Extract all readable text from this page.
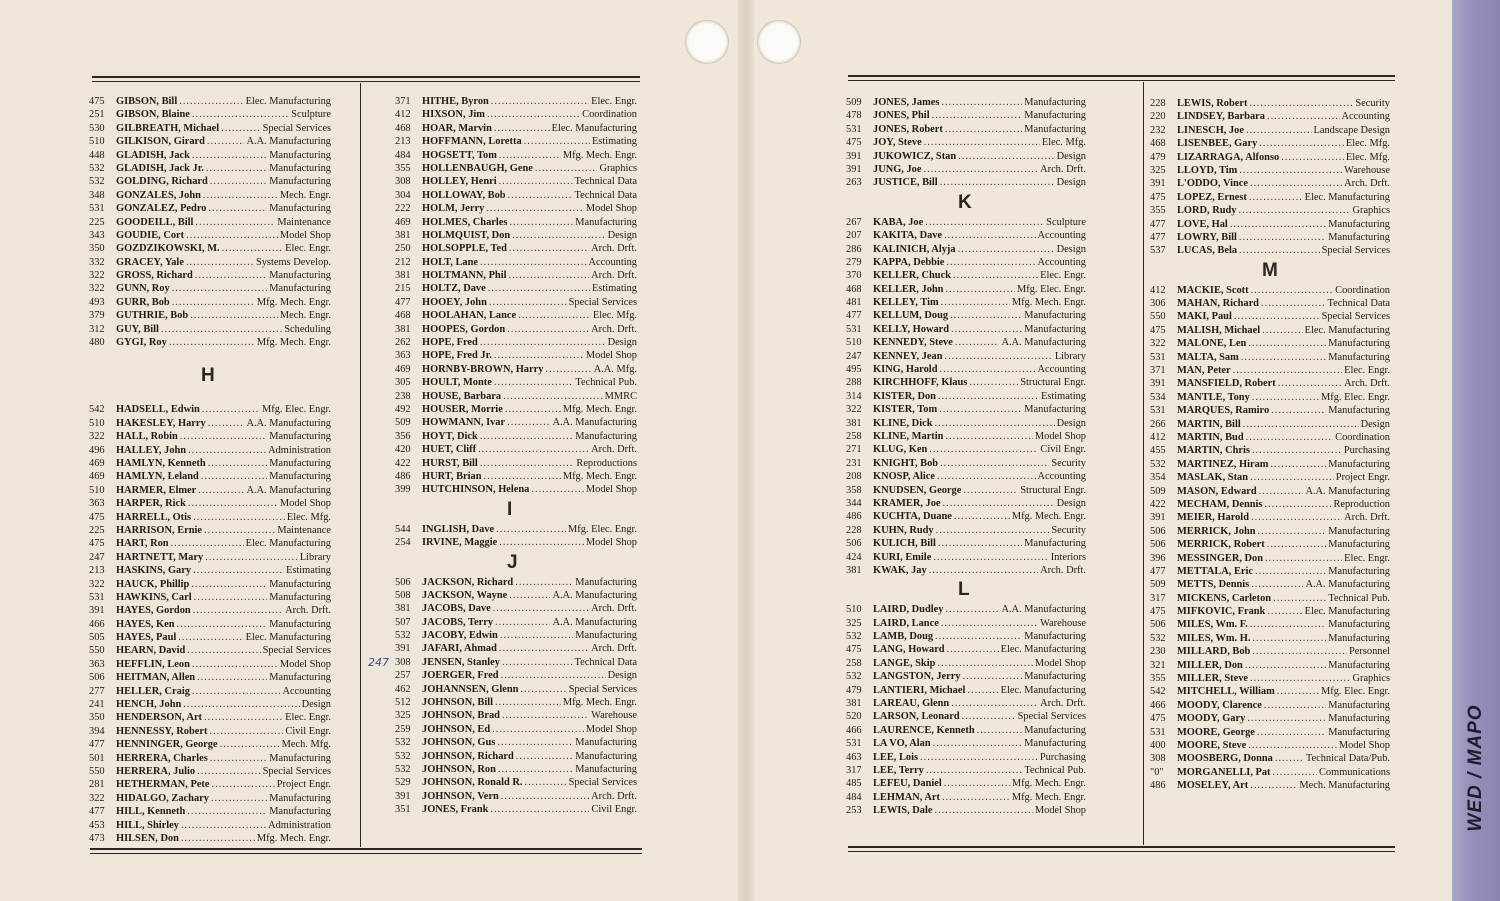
WED / MAPO
475	GIBSON, Bill .....	Elec. Manufacturing
251	GIBSON, Blaine .....	Sculpture
530	GILBREATH, Michael .....	Special Services
510	GILKISON, Girard .....	A.A. Manufacturing
448	GLADISH, Jack .....	Manufacturing
532	GLADISH, Jack Jr. .....	Manufacturing
532	GOLDING, Richard .....	Manufacturing
348	GONZALES, John .....	Mech. Engr.
531	GONZALEZ, Pedro .....	Manufacturing
225	GOODEILL, Bill .....	Maintenance
343	GOUDIE, Cort .....	Model Shop
350	GOZDZIKOWSKI, M. .....	Elec. Engr.
332	GRACEY, Yale .....	Systems Develop.
322	GROSS, Richard .....	Manufacturing
322	GUNN, Roy .....	Manufacturing
493	GURR, Bob .....	Mfg. Mech. Engr.
379	GUTHRIE, Bob .....	Mech. Engr.
312	GUY, Bill .....	Scheduling
480	GYGI, Roy .....	Mfg. Mech. Engr.
H
542	HADSELL, Edwin .....	Mfg. Elec. Engr.
510	HAKESLEY, Harry .....	A.A. Manufacturing
322	HALL, Robin .....	Manufacturing
496	HALLEY, John .....	Administration
469	HAMLYN, Kenneth .....	Manufacturing
469	HAMLYN, Leland .....	Manufacturing
510	HARMER, Elmer .....	A.A. Manufacturing
363	HARPER, Rick .....	Model Shop
475	HARRELL, Otis .....	Elec. Mfg.
225	HARRISON, Ernie .....	Maintenance
475	HART, Ron .....	Elec. Manufacturing
247	HARTNETT, Mary .....	Library
213	HASKINS, Gary .....	Estimating
322	HAUCK, Phillip .....	Manufacturing
531	HAWKINS, Carl .....	Manufacturing
391	HAYES, Gordon .....	Arch. Drft.
466	HAYES, Ken .....	Manufacturing
505	HAYES, Paul .....	Elec. Manufacturing
550	HEARN, David .....	Special Services
363	HEFFLIN, Leon .....	Model Shop
506	HEITMAN, Allen .....	Manufacturing
277	HELLER, Craig .....	Accounting
241	HENCH, John .....	Design
350	HENDERSON, Art .....	Elec. Engr.
394	HENNESSY, Robert .....	Civil Engr.
477	HENNINGER, George .....	Mech. Mfg.
501	HERRERA, Charles .....	Manufacturing
550	HERRERA, Julio .....	Special Services
281	HETHERMAN, Pete .....	Project Engr.
322	HIDALGO, Zachary .....	Manufacturing
477	HILL, Kenneth .....	Manufacturing
453	HILL, Shirley .....	Administration
473	HILSEN, Don .....	Mfg. Mech. Engr.
371	HITHE, Byron .....	Elec. Engr.
412	HIXSON, Jim .....	Coordination
468	HOAR, Marvin .....	Elec. Manufacturing
213	HOFFMANN, Loretta .....	Estimating
484	HOGSETT, Tom .....	Mfg. Mech. Engr.
355	HOLLENBAUGH, Gene .....	Graphics
308	HOLLEY, Henri .....	Technical Data
304	HOLLOWAY, Bob .....	Technical Data
222	HOLM, Jerry .....	Model Shop
469	HOLMES, Charles .....	Manufacturing
381	HOLMQUIST, Don .....	Design
250	HOLSOPPLE, Ted .....	Arch. Drft.
212	HOLT, Lane .....	Accounting
381	HOLTMANN, Phil .....	Arch. Drft.
215	HOLTZ, Dave .....	Estimating
477	HOOEY, John .....	Special Services
468	HOOLAHAN, Lance .....	Elec. Mfg.
381	HOOPES, Gordon .....	Arch. Drft.
262	HOPE, Fred .....	Design
363	HOPE, Fred Jr. .....	Model Shop
469	HORNBY-BROWN, Harry .....	A.A. Mfg.
305	HOULT, Monte .....	Technical Pub.
238	HOUSE, Barbara .....	MMRC
492	HOUSER, Morrie .....	Mfg. Mech. Engr.
509	HOWMANN, Ivar .....	A.A. Manufacturing
356	HOYT, Dick .....	Manufacturing
420	HUET, Cliff .....	Arch. Drft.
422	HURST, Bill .....	Reproductions
486	HURT, Brian .....	Mfg. Mech. Engr.
399	HUTCHINSON, Helena .....	Model Shop
I
544	INGLISH, Dave .....	Mfg. Elec. Engr.
254	IRVINE, Maggie .....	Model Shop
J
506	JACKSON, Richard .....	Manufacturing
508	JACKSON, Wayne .....	A.A. Manufacturing
381	JACOBS, Dave .....	Arch. Drft.
507	JACOBS, Terry .....	A.A. Manufacturing
532	JACOBY, Edwin .....	Manufacturing
391	JAFARI, Ahmad .....	Arch. Drft.
308	JENSEN, Stanley .....	Technical Data
257	JOERGER, Fred .....	Design
462	JOHANNSEN, Glenn .....	Special Services
512	JOHNSON, Bill .....	Mfg. Mech. Engr.
325	JOHNSON, Brad .....	Warehouse
259	JOHNSON, Ed .....	Model Shop
532	JOHNSON, Gus .....	Manufacturing
532	JOHNSON, Richard .....	Manufacturing
532	JOHNSON, Ron .....	Manufacturing
529	JOHNSON, Ronald R. .....	Special Services
391	JOHNSON, Vern .....	Arch. Drft.
351	JONES, Frank .....	Civil Engr.
509	JONES, James .....	Manufacturing
478	JONES, Phil .....	Manufacturing
531	JONES, Robert .....	Manufacturing
475	JOY, Steve .....	Elec. Mfg.
391	JUKOWICZ, Stan .....	Design
391	JUNG, Joe .....	Arch. Drft.
263	JUSTICE, Bill .....	Design
K
267	KABA, Joe .....	Sculpture
207	KAKITA, Dave .....	Accounting
286	KALINICH, Alyja .....	Design
279	KAPPA, Debbie .....	Accounting
370	KELLER, Chuck .....	Elec. Engr.
468	KELLER, John .....	Mfg. Elec. Engr.
481	KELLEY, Tim .....	Mfg. Mech. Engr.
477	KELLUM, Doug .....	Manufacturing
531	KELLY, Howard .....	Manufacturing
510	KENNEDY, Steve .....	A.A. Manufacturing
247	KENNEY, Jean .....	Library
495	KING, Harold .....	Accounting
288	KIRCHHOFF, Klaus .....	Structural Engr.
314	KISTER, Don .....	Estimating
322	KISTER, Tom .....	Manufacturing
381	KLINE, Dick .....	Design
258	KLINE, Martin .....	Model Shop
271	KLUG, Ken .....	Civil Engr.
231	KNIGHT, Bob .....	Security
208	KNOSP, Alice .....	Accounting
358	KNUDSEN, George .....	Structural Engr.
344	KRAMER, Joe .....	Design
486	KUCHTA, Duane .....	Mfg. Mech. Engr.
228	KUHN, Rudy .....	Security
506	KULICH, Bill .....	Manufacturing
424	KURI, Emile .....	Interiors
381	KWAK, Jay .....	Arch. Drft.
L
510	LAIRD, Dudley .....	A.A. Manufacturing
325	LAIRD, Lance .....	Warehouse
532	LAMB, Doug .....	Manufacturing
475	LANG, Howard .....	Elec. Manufacturing
258	LANGE, Skip .....	Model Shop
532	LANGSTON, Jerry .....	Manufacturing
479	LANTIERI, Michael .....	Elec. Manufacturing
381	LAREAU, Glenn .....	Arch. Drft.
520	LARSON, Leonard .....	Special Services
466	LAURENCE, Kenneth .....	Manufacturing
531	LA VO, Alan .....	Manufacturing
463	LEE, Lois .....	Purchasing
317	LEE, Terry .....	Technical Pub.
485	LEFEU, Daniel .....	Mfg. Mech. Engr.
484	LEHMAN, Art .....	Mfg. Mech. Engr.
253	LEWIS, Dale .....	Model Shop
228	LEWIS, Robert .....	Security
220	LINDSEY, Barbara .....	Accounting
232	LINESCH, Joe .....	Landscape Design
468	LISENBEE, Gary .....	Elec. Mfg.
479	LIZARRAGA, Alfonso .....	Elec. Mfg.
325	LLOYD, Tim .....	Warehouse
391	L'ODDO, Vince .....	Arch. Drft.
475	LOPEZ, Ernest .....	Elec. Manufacturing
355	LORD, Rudy .....	Graphics
477	LOVE, Hal .....	Manufacturing
477	LOWRY, Bill .....	Manufacturing
537	LUCAS, Bela .....	Special Services
M
412	MACKIE, Scott .....	Coordination
306	MAHAN, Richard .....	Technical Data
550	MAKI, Paul .....	Special Services
475	MALISH, Michael .....	Elec. Manufacturing
322	MALONE, Len .....	Manufacturing
531	MALTA, Sam .....	Manufacturing
371	MAN, Peter .....	Elec. Engr.
391	MANSFIELD, Robert .....	Arch. Drft.
534	MANTLE, Tony .....	Mfg. Elec. Engr.
531	MARQUES, Ramiro .....	Manufacturing
266	MARTIN, Bill .....	Design
412	MARTIN, Bud .....	Coordination
455	MARTIN, Chris .....	Purchasing
532	MARTINEZ, Hiram .....	Manufacturing
354	MASLAK, Stan .....	Project Engr.
509	MASON, Edward .....	A.A. Manufacturing
422	MECHAM, Dennis .....	Reproduction
391	MEIER, Harold .....	Arch. Drft.
506	MERRICK, John .....	Manufacturing
506	MERRICK, Robert .....	Manufacturing
396	MESSINGER, Don .....	Elec. Engr.
477	METTALA, Eric .....	Manufacturing
509	METTS, Dennis .....	A.A. Manufacturing
317	MICKENS, Carleton .....	Technical Pub.
475	MIFKOVIC, Frank .....	Elec. Manufacturing
506	MILES, Wm. F. .....	Manufacturing
532	MILES, Wm. H. .....	Manufacturing
230	MILLARD, Bob .....	Personnel
321	MILLER, Don .....	Manufacturing
355	MILLER, Steve .....	Graphics
542	MITCHELL, William .....	Mfg. Elec. Engr.
466	MOODY, Clarence .....	Manufacturing
475	MOODY, Gary .....	Manufacturing
531	MOORE, George .....	Manufacturing
400	MOORE, Steve .....	Model Shop
308	MOOSBERG, Donna .....	Technical Data/Pub.
"0"	MORGANELLI, Pat .....	Communications
486	MOSELEY, Art .....	Mech. Manufacturing
247
